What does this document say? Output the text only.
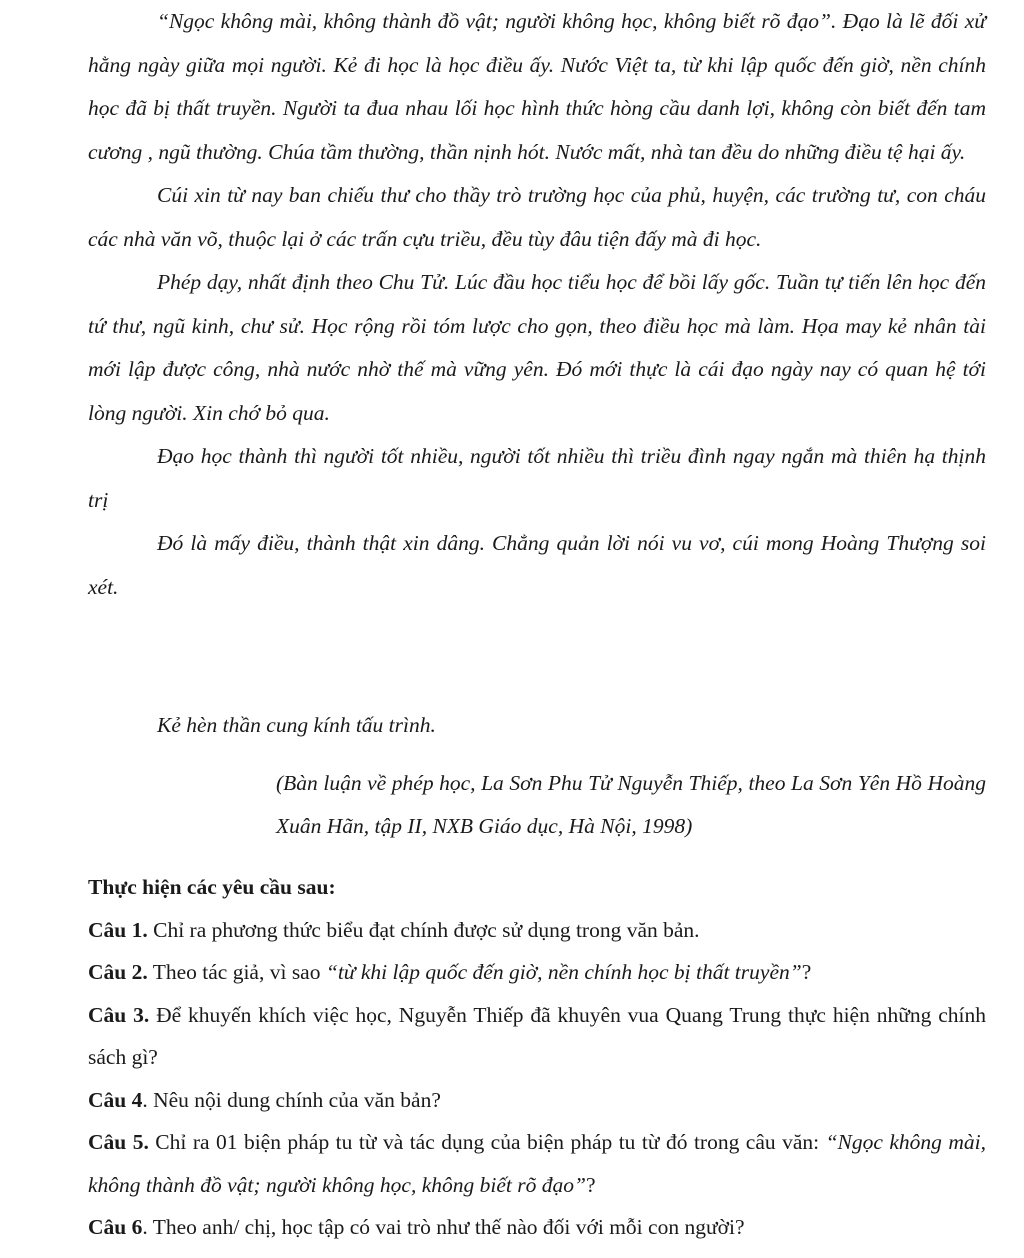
“Ngọc không mài, không thành đồ vật; người không học, không biết rõ đạo”. Đạo là lẽ đối xử hằng ngày giữa mọi người. Kẻ đi học là học điều ấy. Nước Việt ta, từ khi lập quốc đến giờ, nền chính học đã bị thất truyền. Người ta đua nhau lối học hình thức hòng cầu danh lợi, không còn biết đến tam cương , ngũ thường. Chúa tầm thường, thần nịnh hót. Nước mất, nhà tan đều do những điều tệ hại ấy.

Cúi xin từ nay ban chiếu thư cho thầy trò trường học của phủ, huyện, các trường tư, con cháu các nhà văn võ, thuộc lại ở các trấn cựu triều, đều tùy đâu tiện đấy mà đi học.

Phép dạy, nhất định theo Chu Tử. Lúc đầu học tiểu học để bồi lấy gốc. Tuần tự tiến lên học đến tứ thư, ngũ kinh, chư sử. Học rộng rồi tóm lược cho gọn, theo điều học mà làm. Họa may kẻ nhân tài mới lập được công, nhà nước nhờ thế mà vững yên. Đó mới thực là cái đạo ngày nay có quan hệ tới lòng người. Xin chớ bỏ qua.

Đạo học thành thì người tốt nhiều, người tốt nhiều thì triều đình ngay ngắn mà thiên hạ thịnh trị

Đó là mấy điều, thành thật xin dâng. Chẳng quản lời nói vu vơ, cúi mong Hoàng Thượng soi xét.

Kẻ hèn thần cung kính tấu trình.

(Bàn luận về phép học, La Sơn Phu Tử Nguyễn Thiếp, theo La Sơn Yên Hồ Hoàng Xuân Hãn, tập II, NXB Giáo dục, Hà Nội, 1998)

Thực hiện các yêu cầu sau:

Câu 1. Chỉ ra phương thức biểu đạt chính được sử dụng trong văn bản.

Câu 2. Theo tác giả, vì sao “từ khi lập quốc đến giờ, nền chính học bị thất truyền”?

Câu 3. Để khuyến khích việc học, Nguyễn Thiếp đã khuyên vua Quang Trung thực hiện những chính sách gì?

Câu 4. Nêu nội dung chính của văn bản?

Câu 5. Chỉ ra 01 biện pháp tu từ và tác dụng của biện pháp tu từ đó trong câu văn: “Ngọc không mài, không thành đồ vật; người không học, không biết rõ đạo”?

Câu 6. Theo anh/ chị, học tập có vai trò như thế nào đối với mỗi con người?
